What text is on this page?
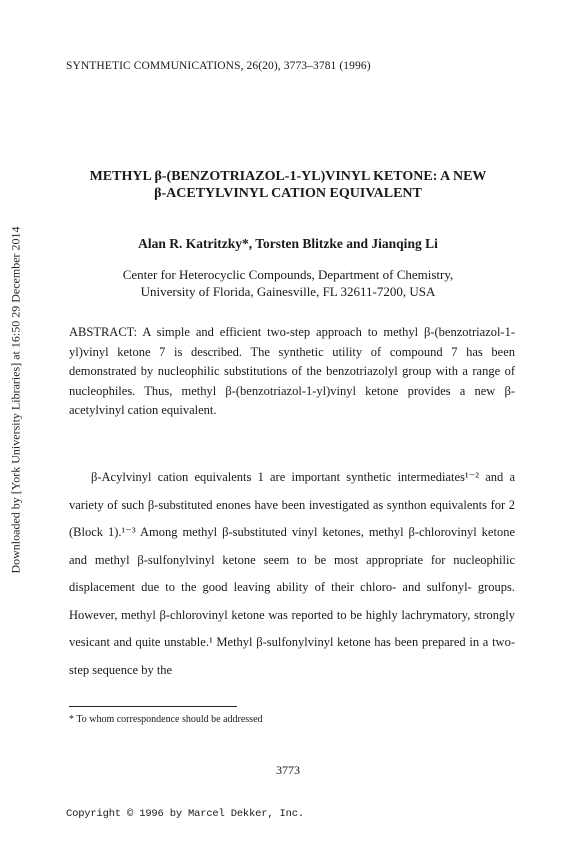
SYNTHETIC COMMUNICATIONS, 26(20), 3773–3781 (1996)
METHYL β-(BENZOTRIAZOL-1-YL)VINYL KETONE: A NEW
β-ACETYLVINYL CATION EQUIVALENT
Alan R. Katritzky*, Torsten Blitzke and Jianqing Li
Center for Heterocyclic Compounds, Department of Chemistry,
University of Florida, Gainesville, FL 32611-7200, USA
ABSTRACT: A simple and efficient two-step approach to methyl β-(benzotriazol-1-yl)vinyl ketone 7 is described. The synthetic utility of compound 7 has been demonstrated by nucleophilic substitutions of the benzotriazolyl group with a range of nucleophiles. Thus, methyl β-(benzotriazol-1-yl)vinyl ketone provides a new β-acetylvinyl cation equivalent.
β-Acylvinyl cation equivalents 1 are important synthetic intermediates¹⁻² and a variety of such β-substituted enones have been investigated as synthon equivalents for 2 (Block 1).¹⁻³ Among methyl β-substituted vinyl ketones, methyl β-chlorovinyl ketone and methyl β-sulfonylvinyl ketone seem to be most appropriate for nucleophilic displacement due to the good leaving ability of their chloro- and sulfonyl- groups. However, methyl β-chlorovinyl ketone was reported to be highly lachrymatory, strongly vesicant and quite unstable.¹ Methyl β-sulfonylvinyl ketone has been prepared in a two-step sequence by the
Downloaded by [York University Libraries] at 16:50 29 December 2014
* To whom correspondence should be addressed
3773
Copyright © 1996 by Marcel Dekker, Inc.
